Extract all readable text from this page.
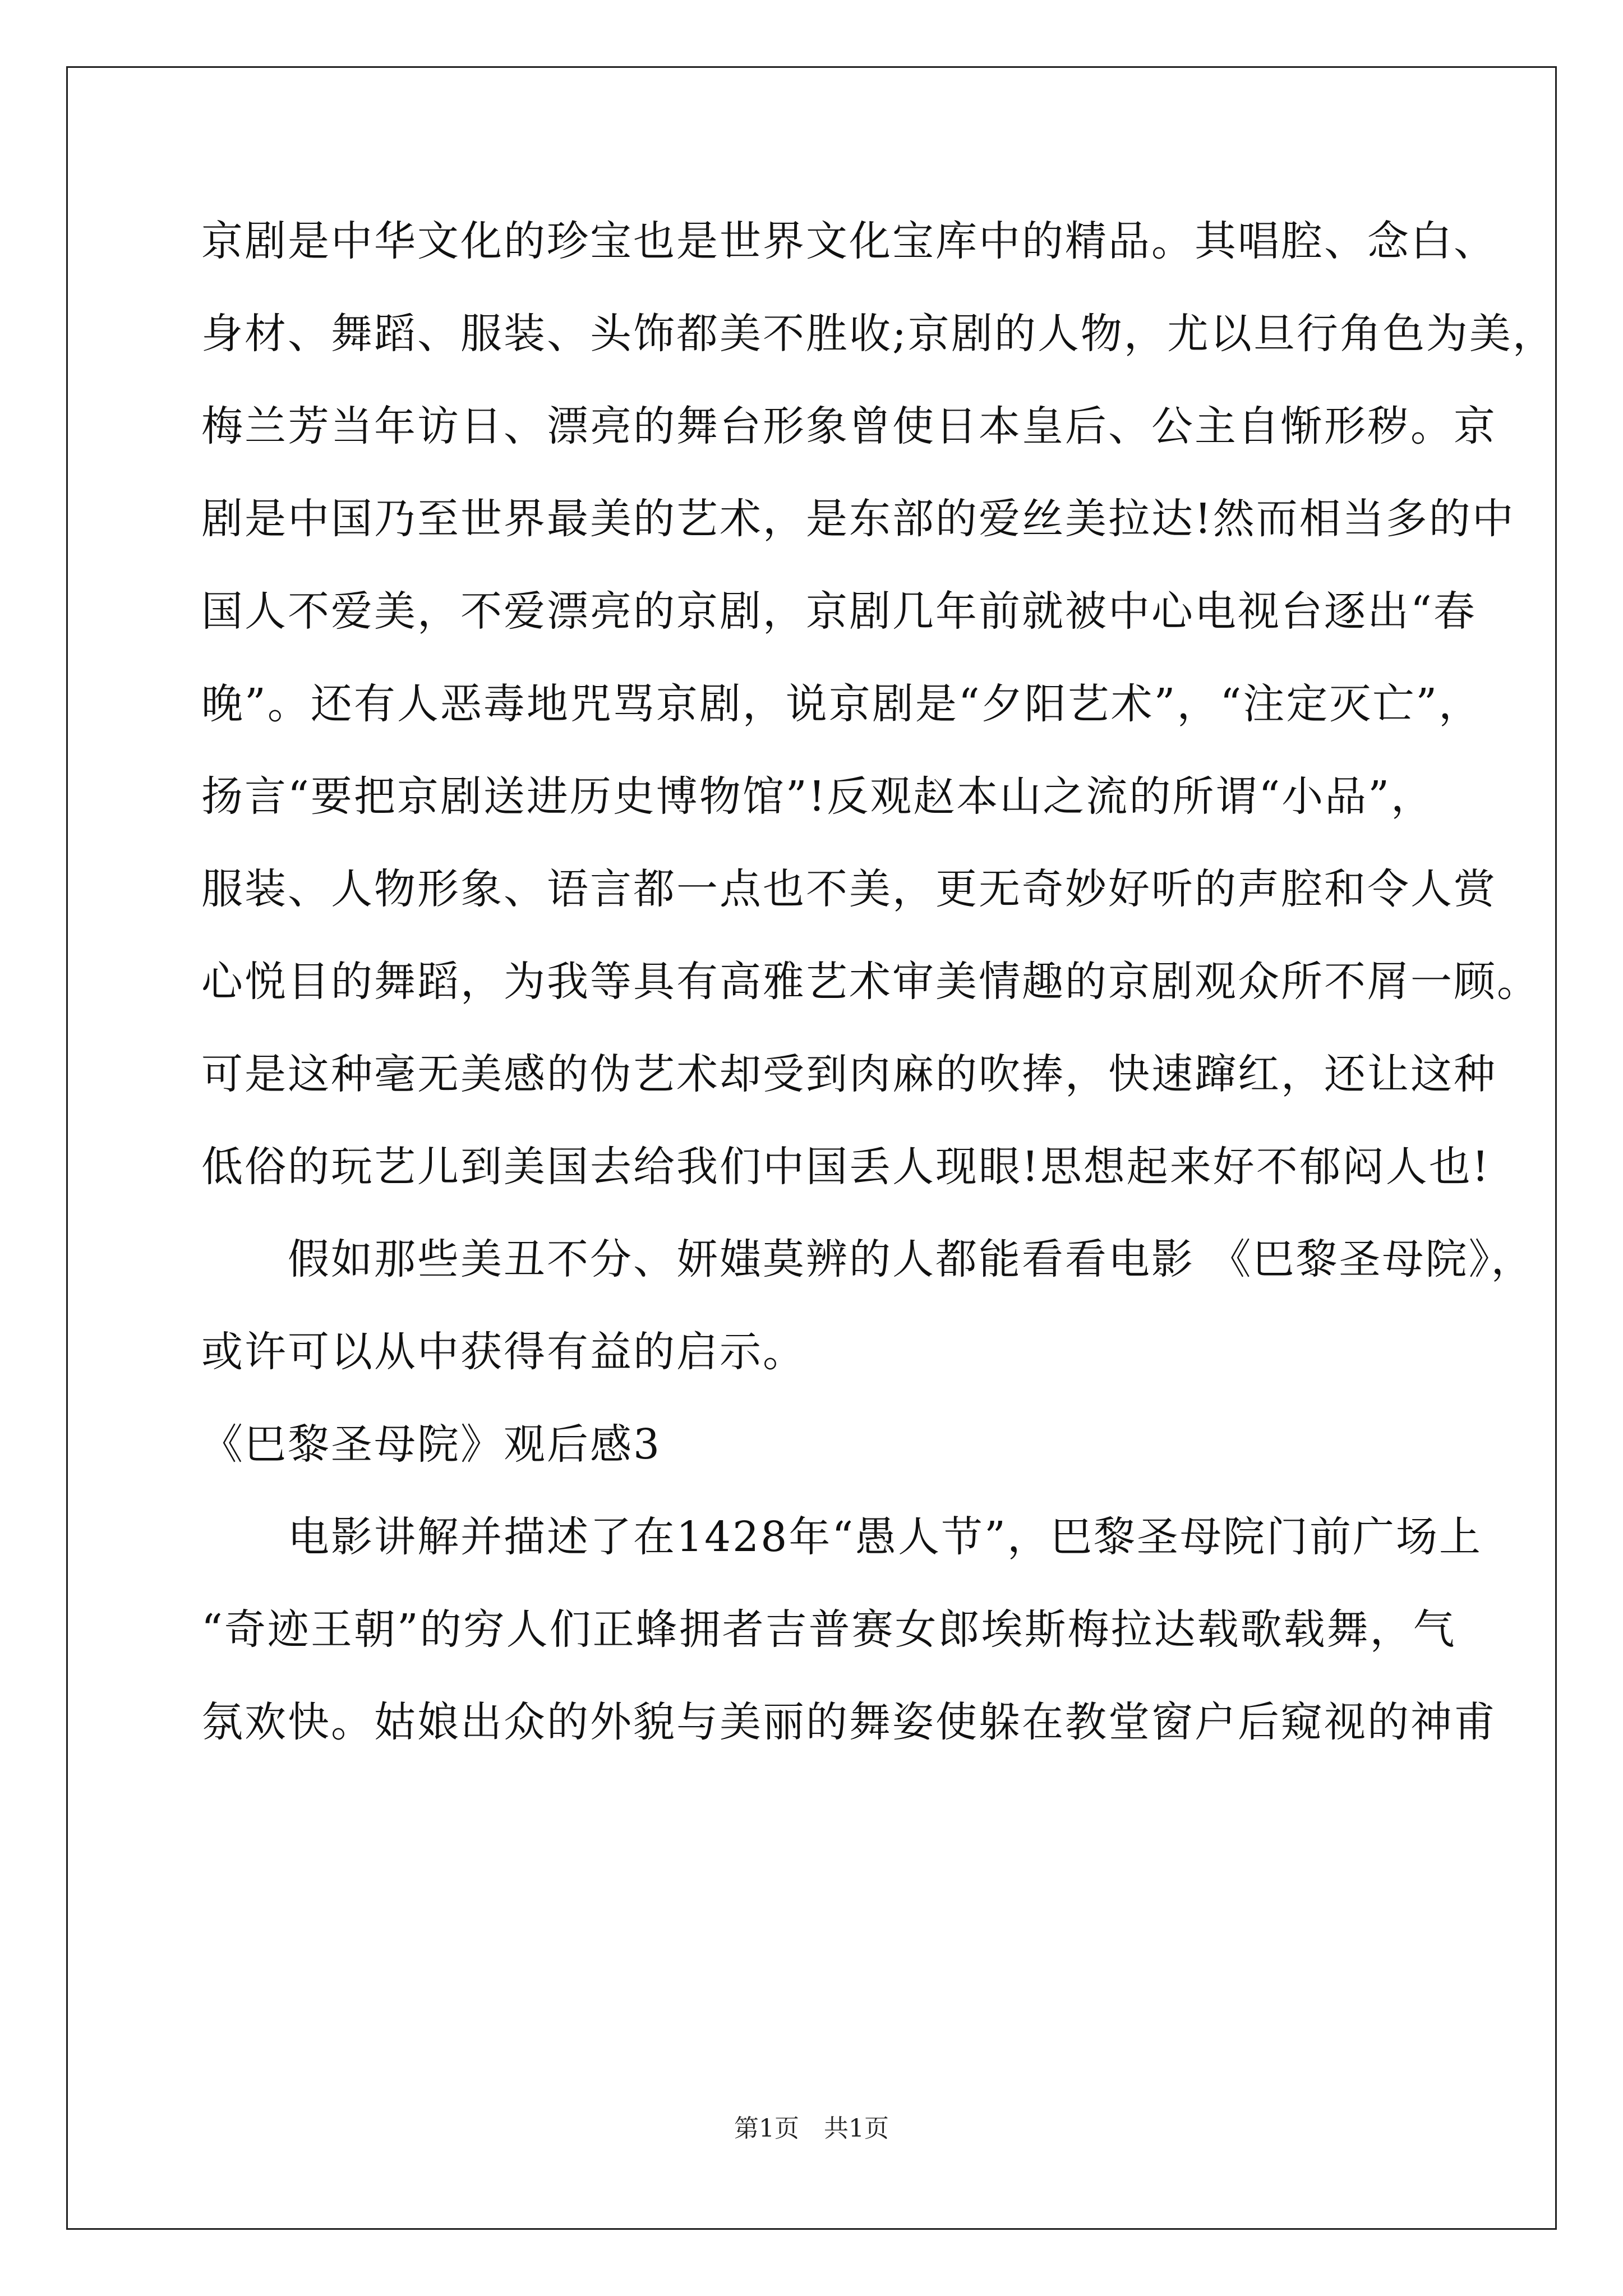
京剧是中华文化的珍宝也是世界文化宝库中的精品。其唱腔、念白、
身材、舞蹈、服装、头饰都美不胜收;京剧的人物，尤以旦行角色为美，
梅兰芳当年访日、漂亮的舞台形象曾使日本皇后、公主自惭形秽。京
剧是中国乃至世界最美的艺术，是东部的爱丝美拉达!然而相当多的中
国人不爱美，不爱漂亮的京剧，京剧几年前就被中心电视台逐出“春
晚”。还有人恶毒地咒骂京剧，说京剧是“夕阳艺术”，“注定灭亡”，
扬言“要把京剧送进历史博物馆”!反观赵本山之流的所谓“小品”，
服装、人物形象、语言都一点也不美，更无奇妙好听的声腔和令人赏
心悦目的舞蹈，为我等具有高雅艺术审美情趣的京剧观众所不屑一顾。
可是这种毫无美感的伪艺术却受到肉麻的吹捧，快速蹿红，还让这种
低俗的玩艺儿到美国去给我们中国丢人现眼!思想起来好不郁闷人也!
　　假如那些美丑不分、妍媸莫辨的人都能看看电影 《巴黎圣母院》，
或许可以从中获得有益的启示。
《巴黎圣母院》观后感3
　　电影讲解并描述了在1428年“愚人节”，巴黎圣母院门前广场上
“奇迹王朝”的穷人们正蜂拥者吉普赛女郎埃斯梅拉达载歌载舞，气
氛欢快。姑娘出众的外貌与美丽的舞姿使躲在教堂窗户后窥视的神甫
第1页　共1页
